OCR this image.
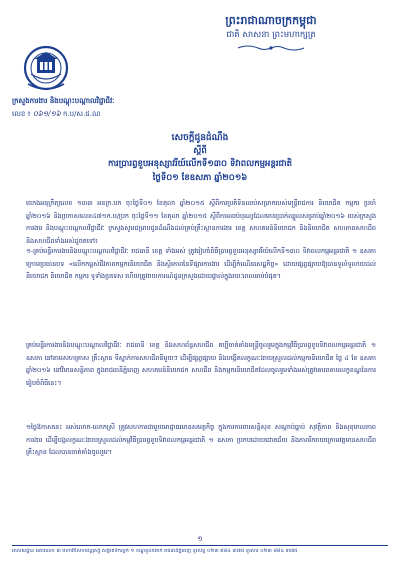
ព្រះរាជាណាចក្រកម្ពុជា
ជាតិ សាសនា ព្រះមហាក្សត្រ
ក្រសួងការងារ និងបណ្តុះបណ្តាលវិជ្ជាជីវៈ
លេខ ៖ ០៦១/១៦ ក.ប/ស.ជ.ណ
សេចក្ដីជូនដំណឹង
ស្ដីពី
ការប្រារព្ធខួបអនុស្សាវរីយ៍លើកទី១៣០ ទិវាពលកម្មអន្តរជាតិ
ថ្ងៃទី០១ ខែឧសភា ឆ្នាំ២០១៦
យោងអនុក្រឹត្យលេខ ១៣៣ អនក្រ.បក ចុះថ្ងៃទី០១ ខែតុលា ឆ្នាំ២០១៥ ស្ដីពីការប្រតិទិនឈប់សម្រាករបស់មន្ត្រីរាជការ និយោជិត កម្មករ ប្រចាំឆ្នាំ២០១៦ និងប្រកាសលេខ៤៧១ក.ប/ប្រក ចុះថ្ងៃទី១១ ខែតុលា ឆ្នាំ២០១៥ ស្ដីពីការឈប់បុណ្យដែលមានប្រាក់ឈ្នួលសម្រាប់ឆ្នាំ២០១៦ របស់ក្រសួងការងារ និងបណ្តុះបណ្តាលវិជ្ជាជីវៈ ក្រសួងសូមជម្រាបជូនដំណឹងដល់គ្រប់គ្រឹះស្ថានការងារ ខេត្ត សហគមន៍និយោជក និងនិយោជិត សហភាពសហជីព និងសហជីពទាំងអស់ដូចតទៅ៖
១-គ្រប់មន្ទីរការងារនិងបណ្តុះបណ្តាលវិជ្ជាជីវៈ រាជធានី ខេត្ត ទាំងអស់ ត្រូវរៀបចំពិធីប្រារព្ធខួបអនុស្សាវរីយ៍លើកទី១៣០ ទិវាពលកម្មអន្តរជាតិ ១ ឧសភា ក្រោមប្រធានបទ «លើកកម្ពស់ជីវភាពកម្មករនិយោជិត និងស្ថិរភាពនៃទីផ្សារការងារ ដើម្បីកំណើនសេដ្ឋកិច្ច» ដោយផ្សព្វផ្សាយឱ្យបានទូលំទូលាយដល់និយោជក និយោជិត កម្មករ ទូទាំងប្រទេស ហើយត្រូវរាយការណ៍ជូនក្រសួងដោយផ្ទាល់ក្នុងរយៈពេលឆាប់បំផុត។
គ្រប់មន្ទីរការងារនិងបណ្តុះបណ្តាលវិជ្ជាជីវៈ រាជធានី ខេត្ត និងសហព័ន្ធសហជីព គប្បីចាត់តាំងមន្ត្រីចូលរួមក្នុងកម្មវិធីប្រារព្ធខួបទិវាពលកម្មអន្តរជាតិ ១ ឧសភា នៅតាមសហគ្រាស គ្រឹះស្ថាន ទីស្នាក់ការសហជីពនីមួយៗ ដើម្បីផ្សព្វផ្សាយ និងបង្កើតលក្ខណៈងាយស្រួលដល់កម្មករនិយោជិត ថ្ងៃ ៤ ខែ ឧសភា ឆ្នាំ២០១៦ នៅវិមានសន្តិភាព ក្នុងរាជធានីភ្នំពេញ សហគមន៍និយោជក សហជីព និងកម្មករនិយោជិតដែលចូលរួមទាំងអស់ត្រូវគោរពតាមលក្ខខណ្ឌនៃការរៀបចំពិធីនេះ។
១ថ្ងៃឱកាសនេះ អស់លោក-លោកស្រី ត្រូវសហការជាមួយអាជ្ញាធរមានសមត្ថកិច្ច ក្នុងការការពារសន្តិសុខ សណ្ដាប់ធ្នាប់ សុវត្ថិភាព និងសុខុមាលភាពការងារ ដើម្បីបង្កលក្ខណៈងាយស្រួលដល់កម្មវិធីប្រារព្ធខួបទិវាពលកម្មអន្តរជាតិ ១ ឧសភា ប្រកបដោយជោគជ័យ និងភាពរីករាយក្រោមវត្តមានសហជីព គ្រឹះស្ថាន ដែលបានចាត់តាំងចូលរួម។
១
អាសយដ្ឋាន អគារលេខ ៣ មហាវិថីសហព័ន្ធរុស្ស៊ី សង្កាត់ទឹកល្អក់ ១ ខណ្ឌទួលគោក រាជធានីភ្នំពេញ ទូរស័ព្ទ ០២៣ ៨៨៤ ៣៧៥ ទូរសារ ០២៣ ៨៨៤ ៣៧៥
